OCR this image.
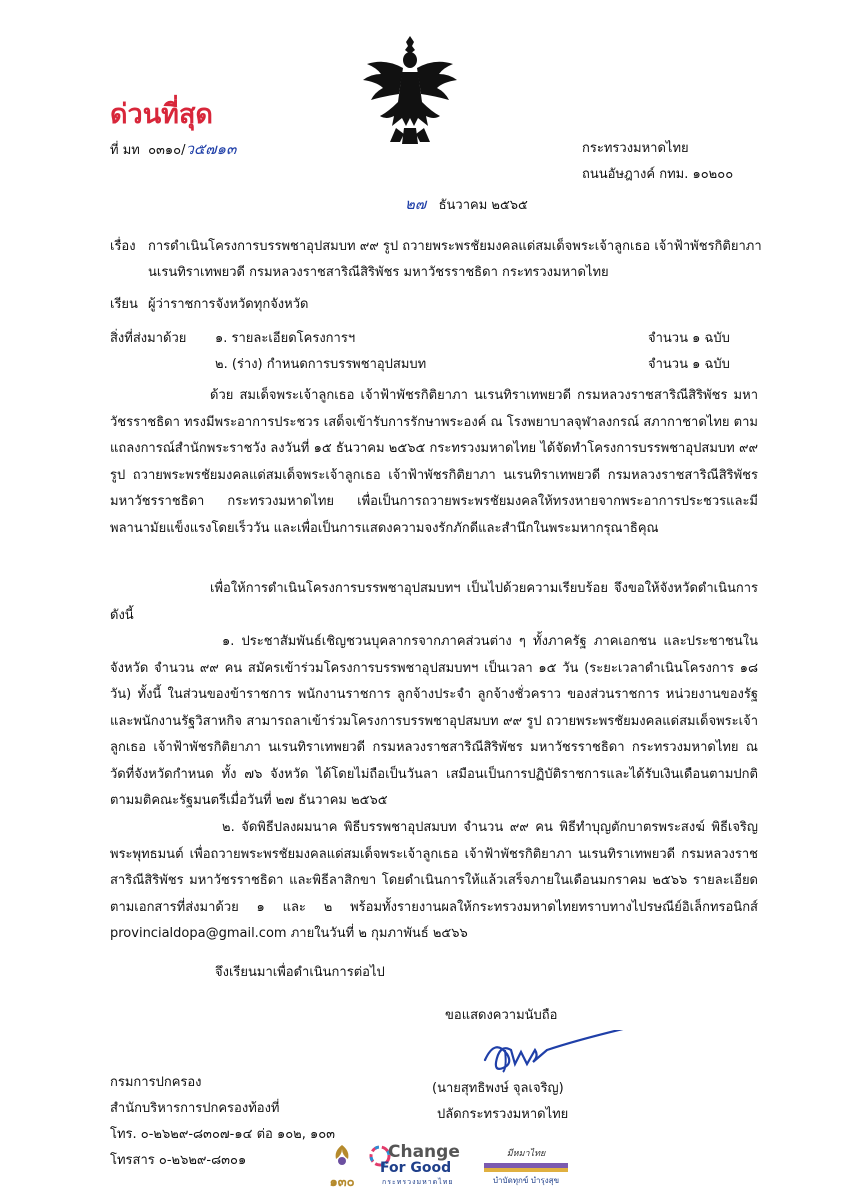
ด่วนที่สุด
ที่ มท ๐๓๑๐/ว๕๗๑๓	กระทรวงมหาดไทย
ถนนอัษฎางค์ กทม. ๑๐๒๐๐
๒๗ ธันวาคม ๒๕๖๕
เรื่อง การดำเนินโครงการบรรพชาอุปสมบท ๙๙ รูป ถวายพระพรชัยมงคลแด่สมเด็จพระเจ้าลูกเธอ เจ้าฟ้าพัชรกิติยาภา
นเรนทิราเทพยวดี กรมหลวงราชสาริณีสิริพัชร มหาวัชรราชธิดา กระทรวงมหาดไทย
เรียน ผู้ว่าราชการจังหวัดทุกจังหวัด
สิ่งที่ส่งมาด้วย ๑. รายละเอียดโครงการฯ	จำนวน ๑ ฉบับ
๒. (ร่าง) กำหนดการบรรพชาอุปสมบท	จำนวน ๑ ฉบับ

ด้วย สมเด็จพระเจ้าลูกเธอ เจ้าฟ้าพัชรกิติยาภา นเรนทิราเทพยวดี กรมหลวงราชสาริณีสิริพัชร มหาวัชรราชธิดา ทรงมีพระอาการประชวร เสด็จเข้ารับการรักษาพระองค์ ณ โรงพยาบาลจุฬาลงกรณ์ สภากาชาดไทย ตามแถลงการณ์สำนักพระราชวัง ลงวันที่ ๑๕ ธันวาคม ๒๕๖๕ กระทรวงมหาดไทย ได้จัดทำโครงการบรรพชาอุปสมบท ๙๙ รูป ถวายพระพรชัยมงคลแด่สมเด็จพระเจ้าลูกเธอ เจ้าฟ้าพัชรกิติยาภา นเรนทิราเทพยวดี กรมหลวงราชสาริณีสิริพัชร มหาวัชรราชธิดา กระทรวงมหาดไทย เพื่อเป็นการถวายพระพรชัยมงคลให้ทรงหายจากพระอาการประชวรและมีพลานามัยแข็งแรงโดยเร็ววัน และเพื่อเป็นการแสดงความจงรักภักดีและสำนึกในพระมหากรุณาธิคุณ

เพื่อให้การดำเนินโครงการบรรพชาอุปสมบทฯ เป็นไปด้วยความเรียบร้อย จึงขอให้จังหวัดดำเนินการ ดังนี้

๑. ประชาสัมพันธ์เชิญชวนบุคลากรจากภาคส่วนต่าง ๆ ทั้งภาครัฐ ภาคเอกชน และประชาชนในจังหวัด จำนวน ๙๙ คน สมัครเข้าร่วมโครงการบรรพชาอุปสมบทฯ เป็นเวลา ๑๕ วัน (ระยะเวลาดำเนินโครงการ ๑๘ วัน) ทั้งนี้ ในส่วนของข้าราชการ พนักงานราชการ ลูกจ้างประจำ ลูกจ้างชั่วคราว ของส่วนราชการ หน่วยงานของรัฐ และพนักงานรัฐวิสาหกิจ สามารถลาเข้าร่วมโครงการบรรพชาอุปสมบท ๙๙ รูป ถวายพระพรชัยมงคลแด่สมเด็จพระเจ้าลูกเธอ เจ้าฟ้าพัชรกิติยาภา นเรนทิราเทพยวดี กรมหลวงราชสาริณีสิริพัชร มหาวัชรราชธิดา กระทรวงมหาดไทย ณ วัดที่จังหวัดกำหนด ทั้ง ๗๖ จังหวัด ได้โดยไม่ถือเป็นวันลา เสมือนเป็นการปฏิบัติราชการและได้รับเงินเดือนตามปกติ ตามมติคณะรัฐมนตรีเมื่อวันที่ ๒๗ ธันวาคม ๒๕๖๕

๒. จัดพิธีปลงผมนาค พิธีบรรพชาอุปสมบท จำนวน ๙๙ คน พิธีทำบุญตักบาตรพระสงฆ์ พิธีเจริญพระพุทธมนต์ เพื่อถวายพระพรชัยมงคลแด่สมเด็จพระเจ้าลูกเธอ เจ้าฟ้าพัชรกิติยาภา นเรนทิราเทพยวดี กรมหลวงราชสาริณีสิริพัชร มหาวัชรราชธิดา และพิธีลาสิกขา โดยดำเนินการให้แล้วเสร็จภายในเดือนมกราคม ๒๕๖๖ รายละเอียดตามเอกสารที่ส่งมาด้วย ๑ และ ๒ พร้อมทั้งรายงานผลให้กระทรวงมหาดไทยทราบทางไปรษณีย์อิเล็กทรอนิกส์ provincialdopa@gmail.com ภายในวันที่ ๒ กุมภาพันธ์ ๒๕๖๖

จึงเรียนมาเพื่อดำเนินการต่อไป
ขอแสดงความนับถือ
(นายสุทธิพงษ์ จุลเจริญ)
ปลัดกระทรวงมหาดไทย
กรมการปกครอง
สำนักบริหารการปกครองท้องที่
โทร. ๐-๒๖๒๙-๘๓๐๗-๑๔ ต่อ ๑๐๒, ๑๐๓
โทรสาร ๐-๒๖๒๙-๘๓๐๑
๑๓๐
Change
For Good
กระทรวงมหาดไทย
มีหมาไทย
บำบัดทุกข์ บำรุงสุข
